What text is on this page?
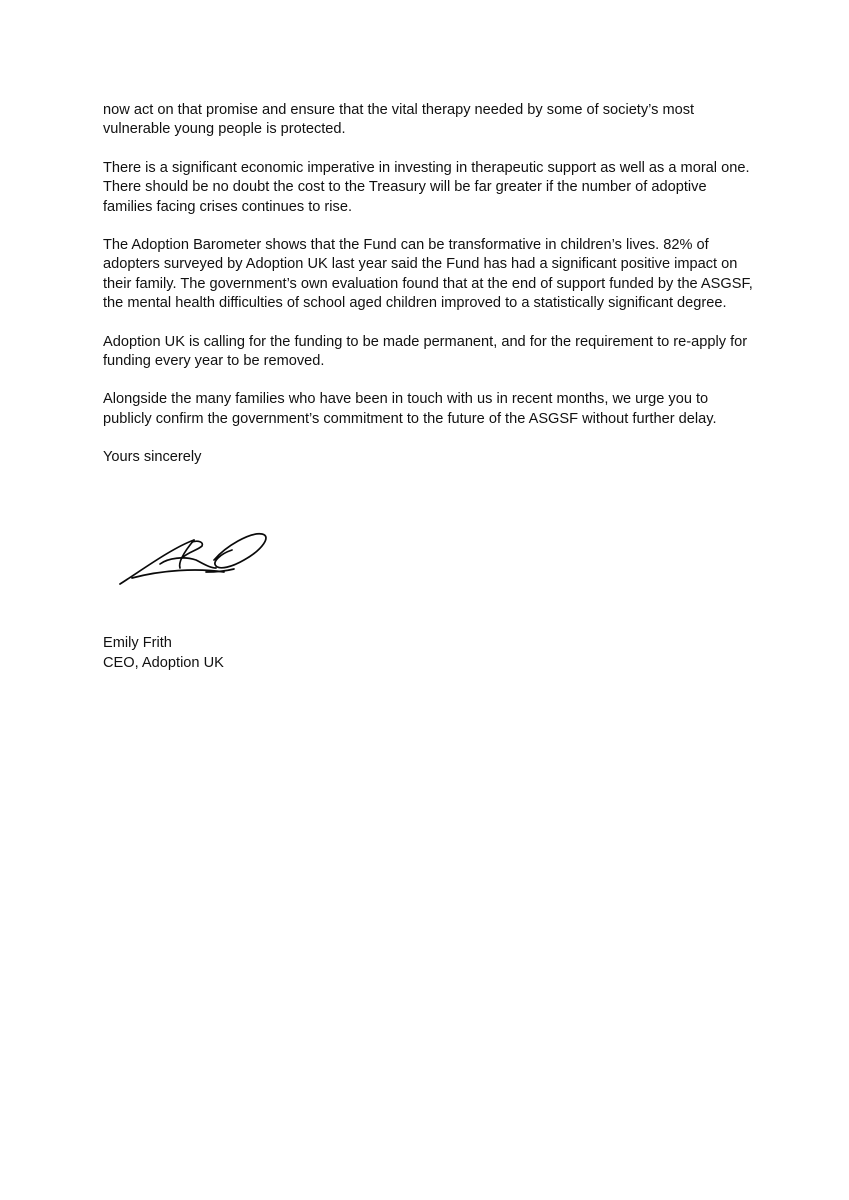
now act on that promise and ensure that the vital therapy needed by some of society’s most vulnerable young people is protected.

There is a significant economic imperative in investing in therapeutic support as well as a moral one. There should be no doubt the cost to the Treasury will be far greater if the number of adoptive families facing crises continues to rise.

The Adoption Barometer shows that the Fund can be transformative in children’s lives. 82% of adopters surveyed by Adoption UK last year said the Fund has had a significant positive impact on their family. The government’s own evaluation found that at the end of support funded by the ASGSF, the mental health difficulties of school aged children improved to a statistically significant degree.

Adoption UK is calling for the funding to be made permanent, and for the requirement to re-apply for funding every year to be removed.

Alongside the many families who have been in touch with us in recent months, we urge you to publicly confirm the government’s commitment to the future of the ASGSF without further delay.

Yours sincerely

Emily Frith
CEO, Adoption UK
